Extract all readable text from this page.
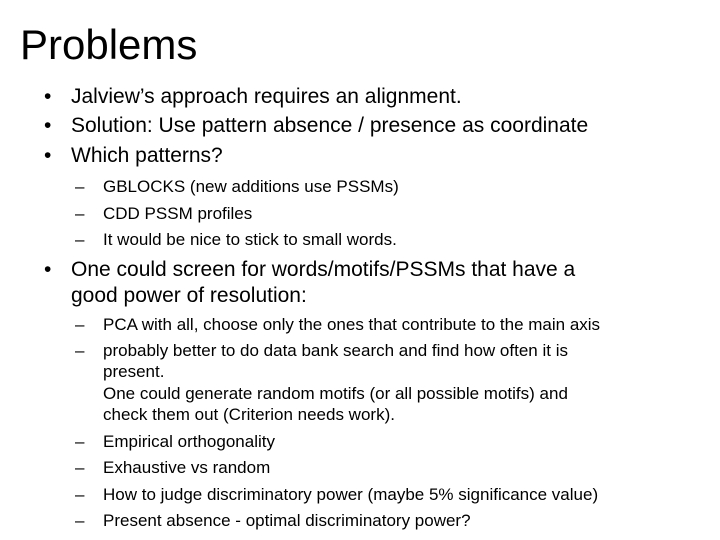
Problems
• Jalview’s approach requires an alignment.
• Solution: Use pattern absence / presence as coordinate
• Which patterns?
– GBLOCKS (new additions use PSSMs)
– CDD PSSM profiles
– It would be nice to stick to small words.
• One could screen for words/motifs/PSSMs that have a
good power of resolution:
– PCA with all, choose only the ones that contribute to the main axis
– probably better to do data bank search and find how often it is
present.
One could generate random motifs (or all possible motifs) and
check them out (Criterion needs work).
– Empirical orthogonality
– Exhaustive vs random
– How to judge discriminatory power (maybe 5% significance value)
– Present absence - optimal discriminatory power?
